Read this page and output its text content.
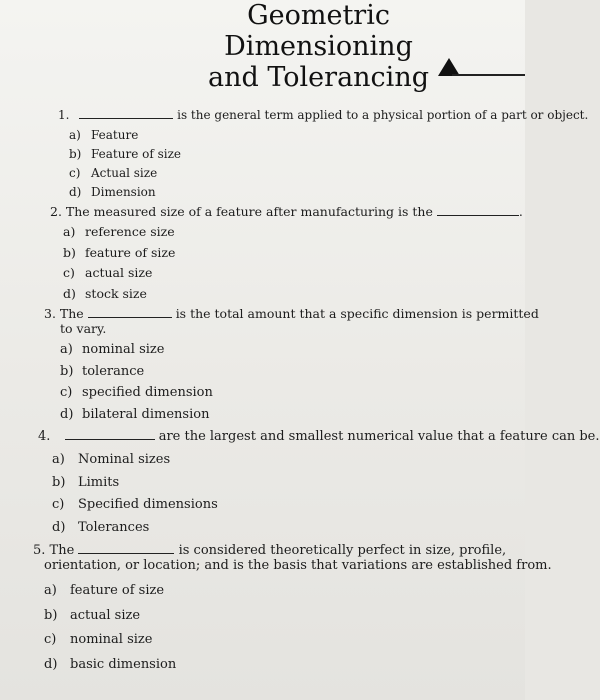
Geometric
Dimensioning
and Tolerancing
1.	is the general term applied to a physical portion of a part or object.
a) Feature
b) Feature of size
c) Actual size
d) Dimension
2. The measured size of a feature after manufacturing is the	.
a) reference size
b) feature of size
c) actual size
d) stock size
3. The	is the total amount that a specific dimension is permitted
to vary.
a) nominal size
b) tolerance
c) specified dimension
d) bilateral dimension
4.	are the largest and smallest numerical value that a feature can be.
a) Nominal sizes
b) Limits
c) Specified dimensions
d) Tolerances
5. The	is considered theoretically perfect in size, profile,
orientation, or location; and is the basis that variations are established from.
a) feature of size
b) actual size
c) nominal size
d) basic dimension
